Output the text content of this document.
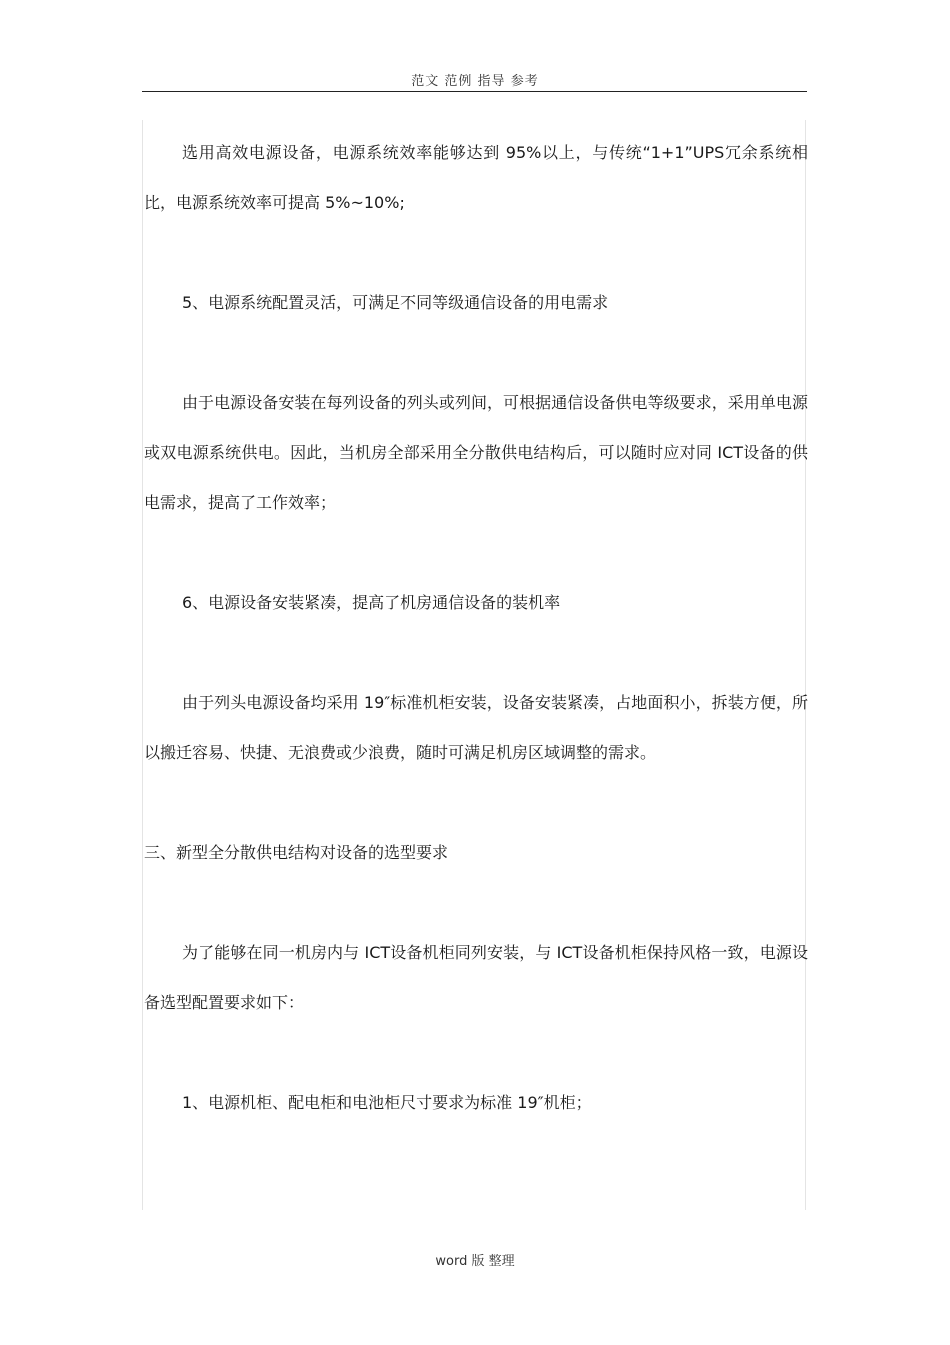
范文 范例 指导 参考

选用高效电源设备，电源系统效率能够达到 95%以上，与传统“1+1”UPS冗余系统相比，电源系统效率可提高 5%~10%;

5、电源系统配置灵活，可满足不同等级通信设备的用电需求

由于电源设备安装在每列设备的列头或列间，可根据通信设备供电等级要求，采用单电源或双电源系统供电。因此，当机房全部采用全分散供电结构后，可以随时应对同 ICT设备的供电需求，提高了工作效率；

6、电源设备安装紧凑，提高了机房通信设备的装机率

由于列头电源设备均采用 19″标准机柜安装，设备安装紧凑，占地面积小，拆装方便，所以搬迁容易、快捷、无浪费或少浪费，随时可满足机房区域调整的需求。

三、新型全分散供电结构对设备的选型要求

为了能够在同一机房内与 ICT设备机柜同列安装，与 ICT设备机柜保持风格一致，电源设备选型配置要求如下：

1、电源机柜、配电柜和电池柜尺寸要求为标准 19″机柜；

word 版 整理
